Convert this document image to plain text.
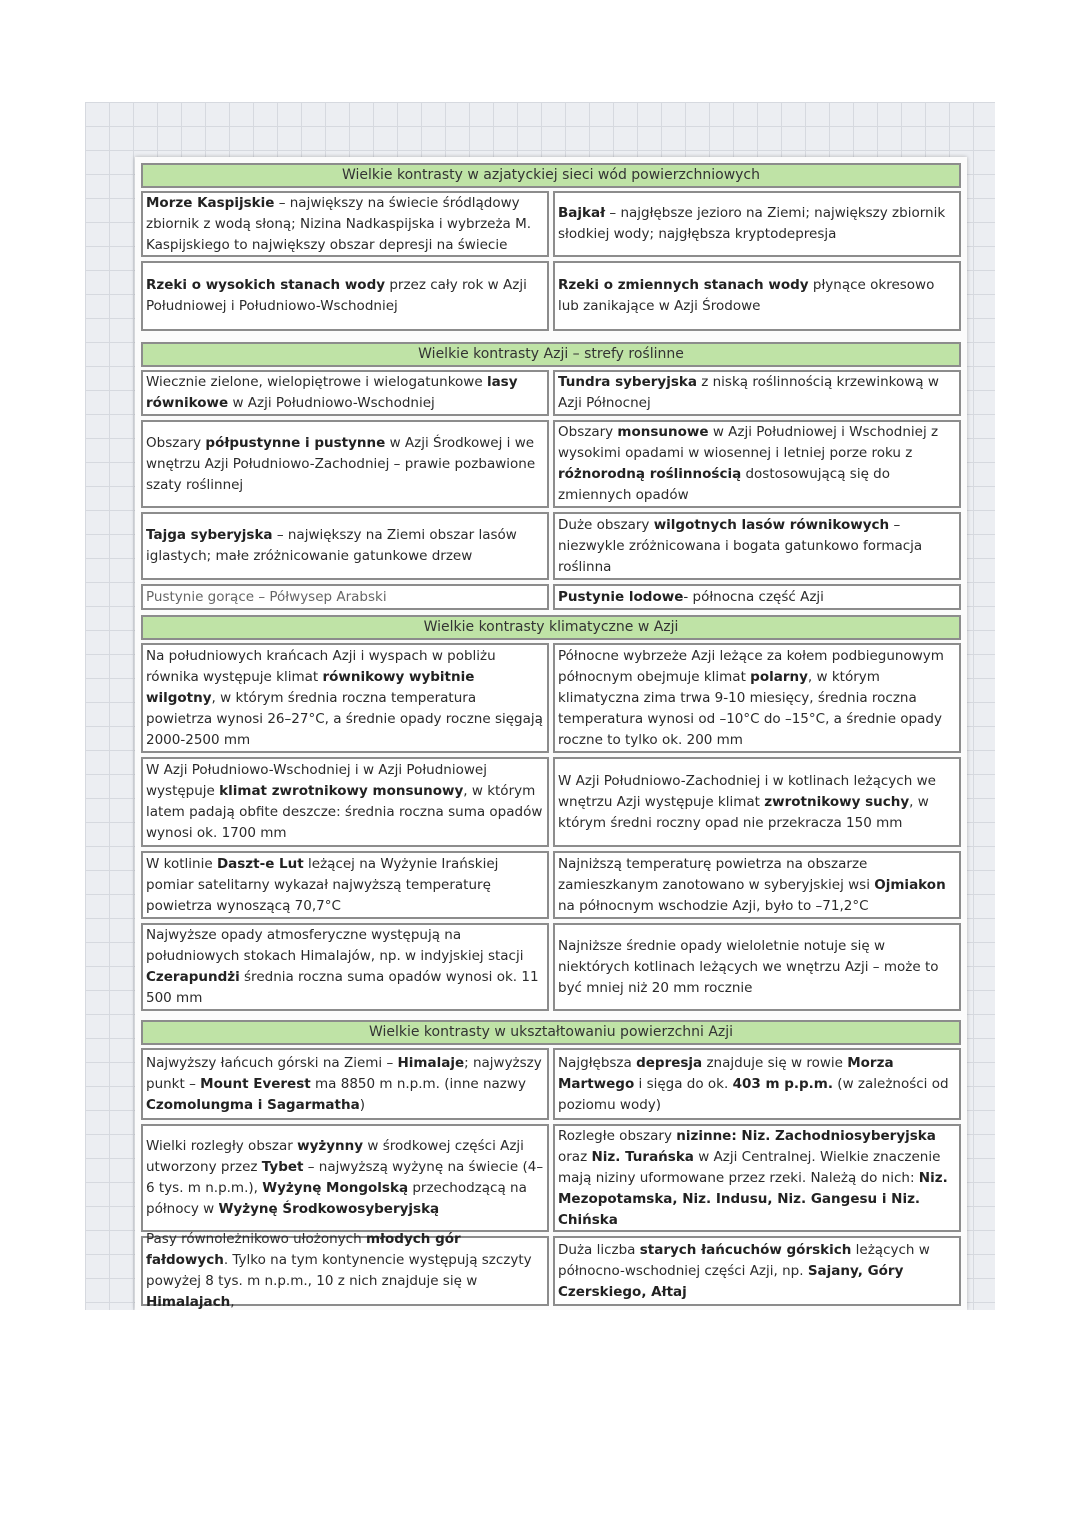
Wielkie kontrasty w azjatyckiej sieci wód powierzchniowych
Morze Kaspijskie – największy na świecie śródlądowy zbiornik z wodą słoną; Nizina Nadkaspijska i wybrzeża M. Kaspijskiego to największy obszar depresji na świecie
Bajkał – najgłębsze jezioro na Ziemi; największy zbiornik słodkiej wody; najgłębsza kryptodepresja
Rzeki o wysokich stanach wody przez cały rok w Azji Południowej i Południowo-Wschodniej
Rzeki o zmiennych stanach wody płynące okresowo lub zanikające w Azji Środowe
Wielkie kontrasty Azji – strefy roślinne
Wiecznie zielone, wielopiętrowe i wielogatunkowe lasy równikowe w Azji Południowo-Wschodniej
Tundra syberyjska z niską roślinnością krzewinkową w Azji Północnej
Obszary półpustynne i pustynne w Azji Środkowej i we wnętrzu Azji Południowo-Zachodniej – prawie pozbawione szaty roślinnej
Obszary monsunowe w Azji Południowej i Wschodniej z wysokimi opadami w wiosennej i letniej porze roku z różnorodną roślinnością dostosowującą się do zmiennych opadów
Tajga syberyjska – największy na Ziemi obszar lasów iglastych; małe zróżnicowanie gatunkowe drzew
Duże obszary wilgotnych lasów równikowych – niezwykle zróżnicowana i bogata gatunkowo formacja roślinna
Pustynie gorące – Półwysep Arabski	Pustynie lodowe- północna część Azji
Wielkie kontrasty klimatyczne w Azji
Na południowych krańcach Azji i wyspach w pobliżu równika występuje klimat równikowy wybitnie wilgotny, w którym średnia roczna temperatura powietrza wynosi 26–27°C, a średnie opady roczne sięgają 2000-2500 mm
Północne wybrzeże Azji leżące za kołem podbiegunowym północnym obejmuje klimat polarny, w którym klimatyczna zima trwa 9-10 miesięcy, średnia roczna temperatura wynosi od –10°C do –15°C, a średnie opady roczne to tylko ok. 200 mm
W Azji Południowo-Wschodniej i w Azji Południowej występuje klimat zwrotnikowy monsunowy, w którym latem padają obfite deszcze: średnia roczna suma opadów wynosi ok. 1700 mm
W Azji Południowo-Zachodniej i w kotlinach leżących we wnętrzu Azji występuje klimat zwrotnikowy suchy, w którym średni roczny opad nie przekracza 150 mm
W kotlinie Daszt-e Lut leżącej na Wyżynie Irańskiej pomiar satelitarny wykazał najwyższą temperaturę powietrza wynoszącą 70,7°C
Najniższą temperaturę powietrza na obszarze zamieszkanym zanotowano w syberyjskiej wsi Ojmiakon na północnym wschodzie Azji, było to –71,2°C
Najwyższe opady atmosferyczne występują na południowych stokach Himalajów, np. w indyjskiej stacji Czerapundżi średnia roczna suma opadów wynosi ok. 11 500 mm
Najniższe średnie opady wieloletnie notuje się w niektórych kotlinach leżących we wnętrzu Azji – może to być mniej niż 20 mm rocznie
Wielkie kontrasty w ukształtowaniu powierzchni Azji
Najwyższy łańcuch górski na Ziemi – Himalaje; najwyższy punkt – Mount Everest ma 8850 m n.p.m. (inne nazwy Czomolungma i Sagarmatha)
Najgłębsza depresja znajduje się w rowie Morza Martwego i sięga do ok. 403 m p.p.m. (w zależności od poziomu wody)
Wielki rozległy obszar wyżynny w środkowej części Azji utworzony przez Tybet – najwyższą wyżynę na świecie (4–6 tys. m n.p.m.), Wyżynę Mongolską przechodzącą na północy w Wyżynę Środkowosyberyjską
Rozległe obszary nizinne: Niz. Zachodniosyberyjska oraz Niz. Turańska w Azji Centralnej. Wielkie znaczenie mają niziny uformowane przez rzeki. Należą do nich: Niz. Mezopotamska, Niz. Indusu, Niz. Gangesu i Niz. Chińska
Pasy równoleżnikowo ułożonych młodych gór fałdowych. Tylko na tym kontynencie występują szczyty powyżej 8 tys. m n.p.m., 10 z nich znajduje się w Himalajach,
Duża liczba starych łańcuchów górskich leżących w północno-wschodniej części Azji, np. Sajany, Góry Czerskiego, Ałtaj
